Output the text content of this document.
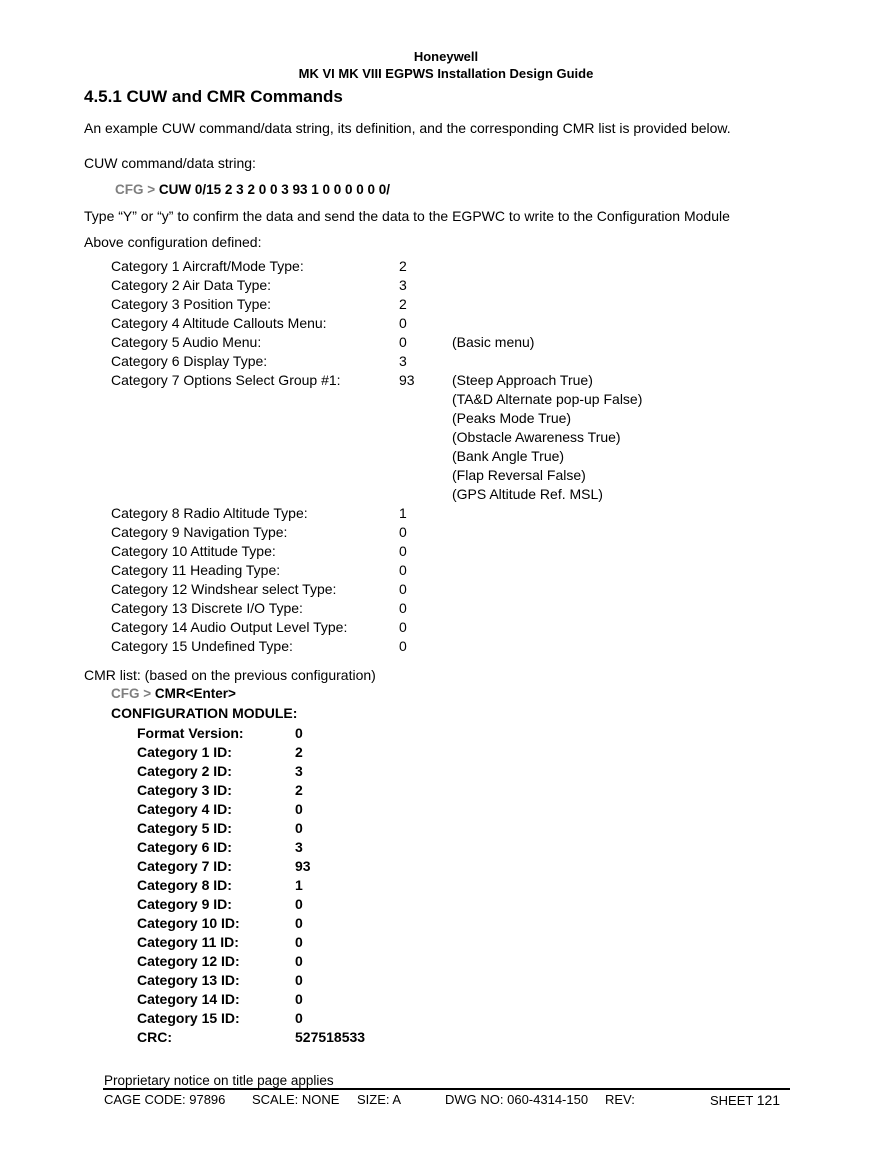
Honeywell
MK VI MK VIII EGPWS Installation Design Guide
4.5.1 CUW and CMR Commands
An example CUW command/data string, its definition, and the corresponding CMR list is provided below.
CUW command/data string:
CFG > CUW 0/15 2 3 2 0 0 3 93 1 0 0 0 0 0 0/
Type “Y” or “y” to confirm the data and send the data to the EGPWC to write to the Configuration Module
Above configuration defined:
Category 1 Aircraft/Mode Type:	2
Category 2 Air Data Type:	3
Category 3 Position Type:	2
Category 4 Altitude Callouts Menu:	0
Category 5 Audio Menu:	0	(Basic menu)
Category 6 Display Type:	3
Category 7 Options Select Group #1:	93	(Steep Approach True)
(TA&D Alternate pop-up False)
(Peaks Mode True)
(Obstacle Awareness True)
(Bank Angle True)
(Flap Reversal False)
(GPS Altitude Ref. MSL)
Category 8 Radio Altitude Type:	1
Category 9 Navigation Type:	0
Category 10 Attitude Type:	0
Category 11 Heading Type:	0
Category 12 Windshear select Type:	0
Category 13 Discrete I/O Type:	0
Category 14 Audio Output Level Type:	0
Category 15 Undefined Type:	0
CMR list: (based on the previous configuration)
CFG > CMR<Enter>
CONFIGURATION MODULE:
Format Version:	0
Category 1 ID:	2
Category 2 ID:	3
Category 3 ID:	2
Category 4 ID:	0
Category 5 ID:	0
Category 6 ID:	3
Category 7 ID:	93
Category 8 ID:	1
Category 9 ID:	0
Category 10 ID:	0
Category 11 ID:	0
Category 12 ID:	0
Category 13 ID:	0
Category 14 ID:	0
Category 15 ID:	0
CRC:	527518533
Proprietary notice on title page applies
CAGE CODE: 97896 SCALE: NONE SIZE: A	DWG NO: 060-4314-150 REV:	SHEET 121
